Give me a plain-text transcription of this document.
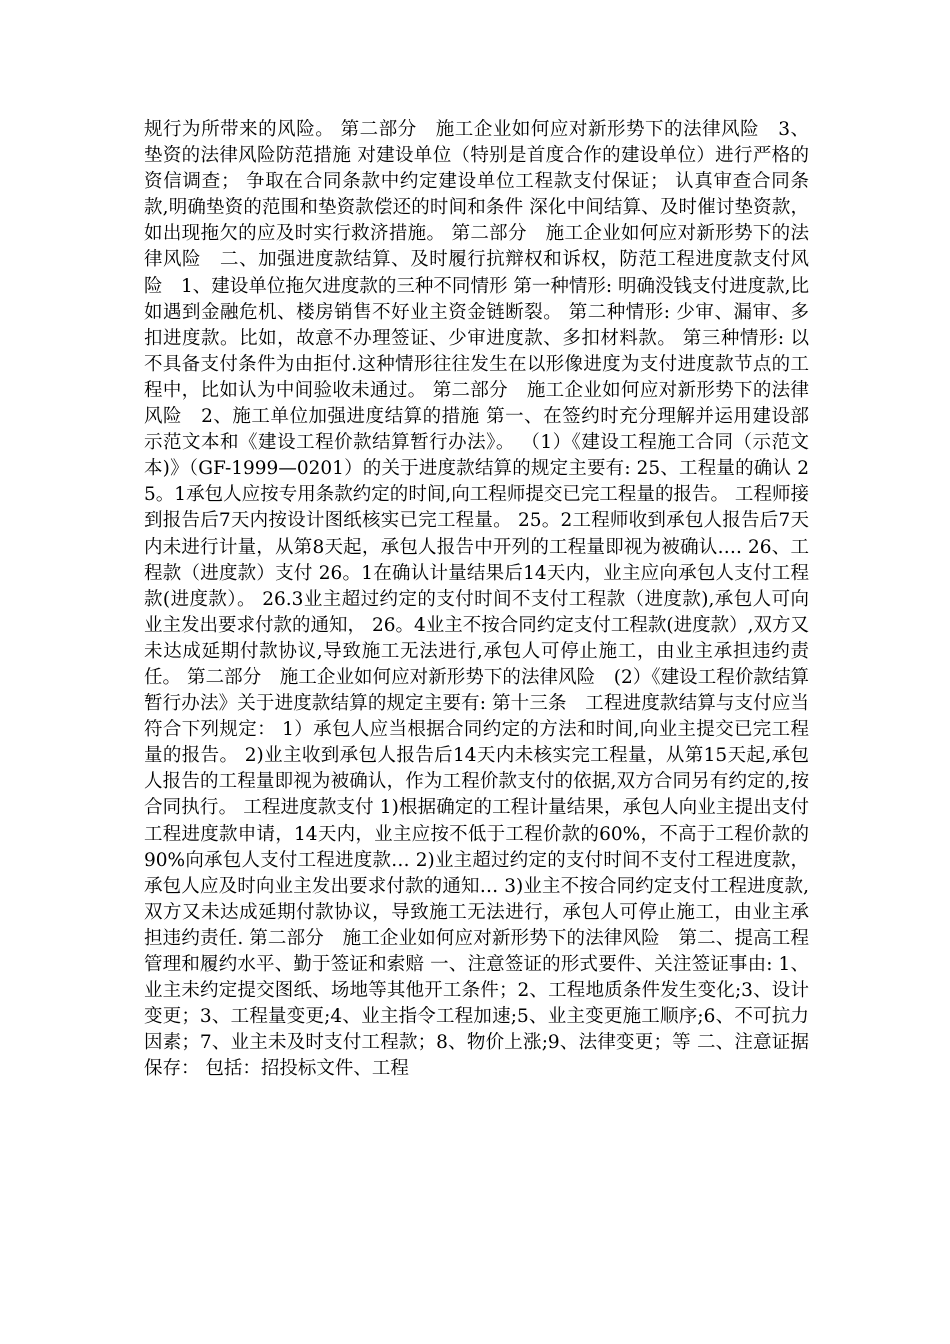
规行为所带来的风险。 第二部分　施工企业如何应对新形势下的法律风险　3、垫资的法律风险防范措施 对建设单位（特别是首度合作的建设单位）进行严格的资信调查； 争取在合同条款中约定建设单位工程款支付保证； 认真审查合同条款,明确垫资的范围和垫资款偿还的时间和条件 深化中间结算、及时催讨垫资款，如出现拖欠的应及时实行救济措施。 第二部分　施工企业如何应对新形势下的法律风险　二、加强进度款结算、及时履行抗辩权和诉权，防范工程进度款支付风险　1、建设单位拖欠进度款的三种不同情形 第一种情形: 明确没钱支付进度款,比如遇到金融危机、楼房销售不好业主资金链断裂。 第二种情形: 少审、漏审、多扣进度款。比如，故意不办理签证、少审进度款、多扣材料款。 第三种情形: 以不具备支付条件为由拒付.这种情形往往发生在以形像进度为支付进度款节点的工程中，比如认为中间验收未通过。 第二部分　施工企业如何应对新形势下的法律风险　2、施工单位加强进度结算的措施 第一、在签约时充分理解并运用建设部示范文本和《建设工程价款结算暂行办法》。 （1）《建设工程施工合同（示范文本)》（GF-1999—0201）的关于进度款结算的规定主要有: 25、工程量的确认 25。1承包人应按专用条款约定的时间,向工程师提交已完工程量的报告。 工程师接到报告后7天内按设计图纸核实已完工程量。 25。2工程师收到承包人报告后7天内未进行计量，从第8天起，承包人报告中开列的工程量即视为被确认…. 26、工程款（进度款）支付 26。1在确认计量结果后14天内，业主应向承包人支付工程款(进度款）。 26.3业主超过约定的支付时间不支付工程款（进度款),承包人可向业主发出要求付款的通知， 26。4业主不按合同约定支付工程款(进度款）,双方又未达成延期付款协议,导致施工无法进行,承包人可停止施工，由业主承担违约责任。 第二部分　施工企业如何应对新形势下的法律风险　(2）《建设工程价款结算暂行办法》关于进度款结算的规定主要有: 第十三条　工程进度款结算与支付应当符合下列规定： 1）承包人应当根据合同约定的方法和时间,向业主提交已完工程量的报告。 2)业主收到承包人报告后14天内未核实完工程量，从第15天起,承包人报告的工程量即视为被确认，作为工程价款支付的依据,双方合同另有约定的,按合同执行。 工程进度款支付 1)根据确定的工程计量结果，承包人向业主提出支付工程进度款申请，14天内，业主应按不低于工程价款的60%，不高于工程价款的90%向承包人支付工程进度款… 2)业主超过约定的支付时间不支付工程进度款，承包人应及时向业主发出要求付款的通知… 3)业主不按合同约定支付工程进度款,双方又未达成延期付款协议，导致施工无法进行，承包人可停止施工，由业主承担违约责任. 第二部分　施工企业如何应对新形势下的法律风险　第二、提高工程管理和履约水平、勤于签证和索赔 一、注意签证的形式要件、关注签证事由: 1、业主未约定提交图纸、场地等其他开工条件；2、工程地质条件发生变化;3、设计变更；3、工程量变更;4、业主指令工程加速;5、业主变更施工顺序;6、不可抗力因素；7、业主未及时支付工程款；8、物价上涨;9、法律变更；等 二、注意证据保存： 包括：招投标文件、工程
